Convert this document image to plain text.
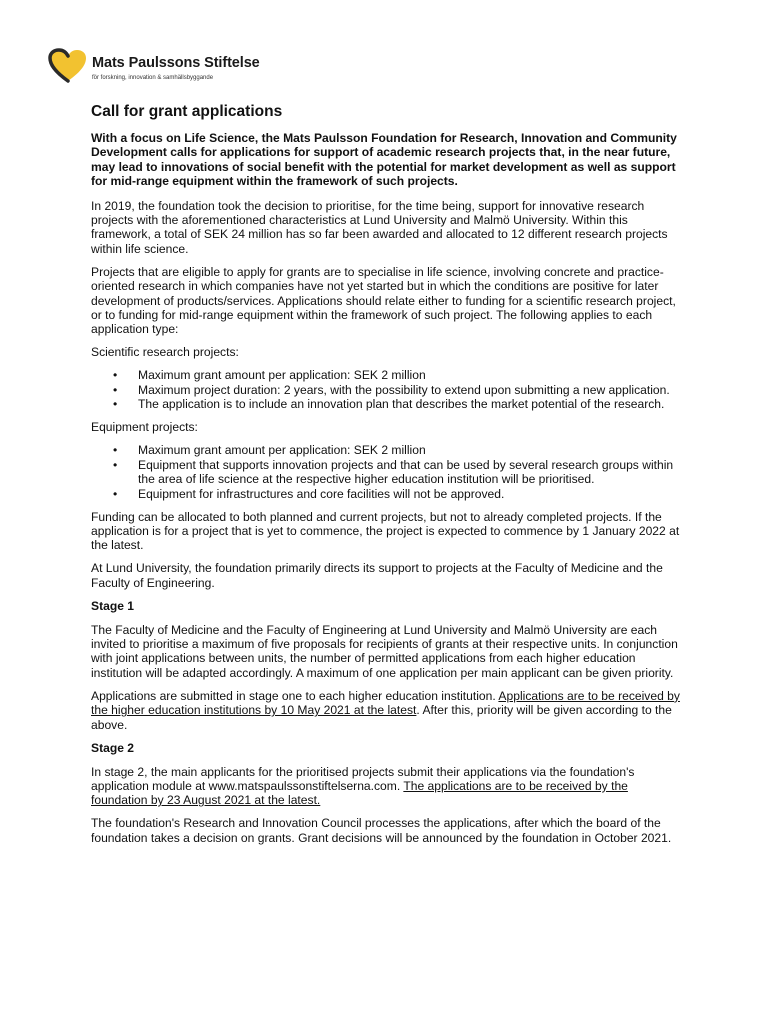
Mats Paulssons Stiftelse
för forskning, innovation & samhällsbyggande
Call for grant applications

With a focus on Life Science, the Mats Paulsson Foundation for Research, Innovation and Community Development calls for applications for support of academic research projects that, in the near future, may lead to innovations of social benefit with the potential for market development as well as support for mid-range equipment within the framework of such projects.

In 2019, the foundation took the decision to prioritise, for the time being, support for innovative research projects with the aforementioned characteristics at Lund University and Malmö University. Within this framework, a total of SEK 24 million has so far been awarded and allocated to 12 different research projects within life science.

Projects that are eligible to apply for grants are to specialise in life science, involving concrete and practice-oriented research in which companies have not yet started but in which the conditions are positive for later development of products/services. Applications should relate either to funding for a scientific research project, or to funding for mid-range equipment within the framework of such project. The following applies to each application type:

Scientific research projects:

• Maximum grant amount per application: SEK 2 million
• Maximum project duration: 2 years, with the possibility to extend upon submitting a new application.
• The application is to include an innovation plan that describes the market potential of the research.

Equipment projects:

• Maximum grant amount per application: SEK 2 million
• Equipment that supports innovation projects and that can be used by several research groups within the area of life science at the respective higher education institution will be prioritised.
• Equipment for infrastructures and core facilities will not be approved.

Funding can be allocated to both planned and current projects, but not to already completed projects. If the application is for a project that is yet to commence, the project is expected to commence by 1 January 2022 at the latest.

At Lund University, the foundation primarily directs its support to projects at the Faculty of Medicine and the Faculty of Engineering.

Stage 1

The Faculty of Medicine and the Faculty of Engineering at Lund University and Malmö University are each invited to prioritise a maximum of five proposals for recipients of grants at their respective units. In conjunction with joint applications between units, the number of permitted applications from each higher education institution will be adapted accordingly. A maximum of one application per main applicant can be given priority.

Applications are submitted in stage one to each higher education institution. Applications are to be received by the higher education institutions by 10 May 2021 at the latest. After this, priority will be given according to the above.

Stage 2

In stage 2, the main applicants for the prioritised projects submit their applications via the foundation's application module at www.matspaulssonstiftelserna.com. The applications are to be received by the foundation by 23 August 2021 at the latest.

The foundation's Research and Innovation Council processes the applications, after which the board of the foundation takes a decision on grants. Grant decisions will be announced by the foundation in October 2021.
